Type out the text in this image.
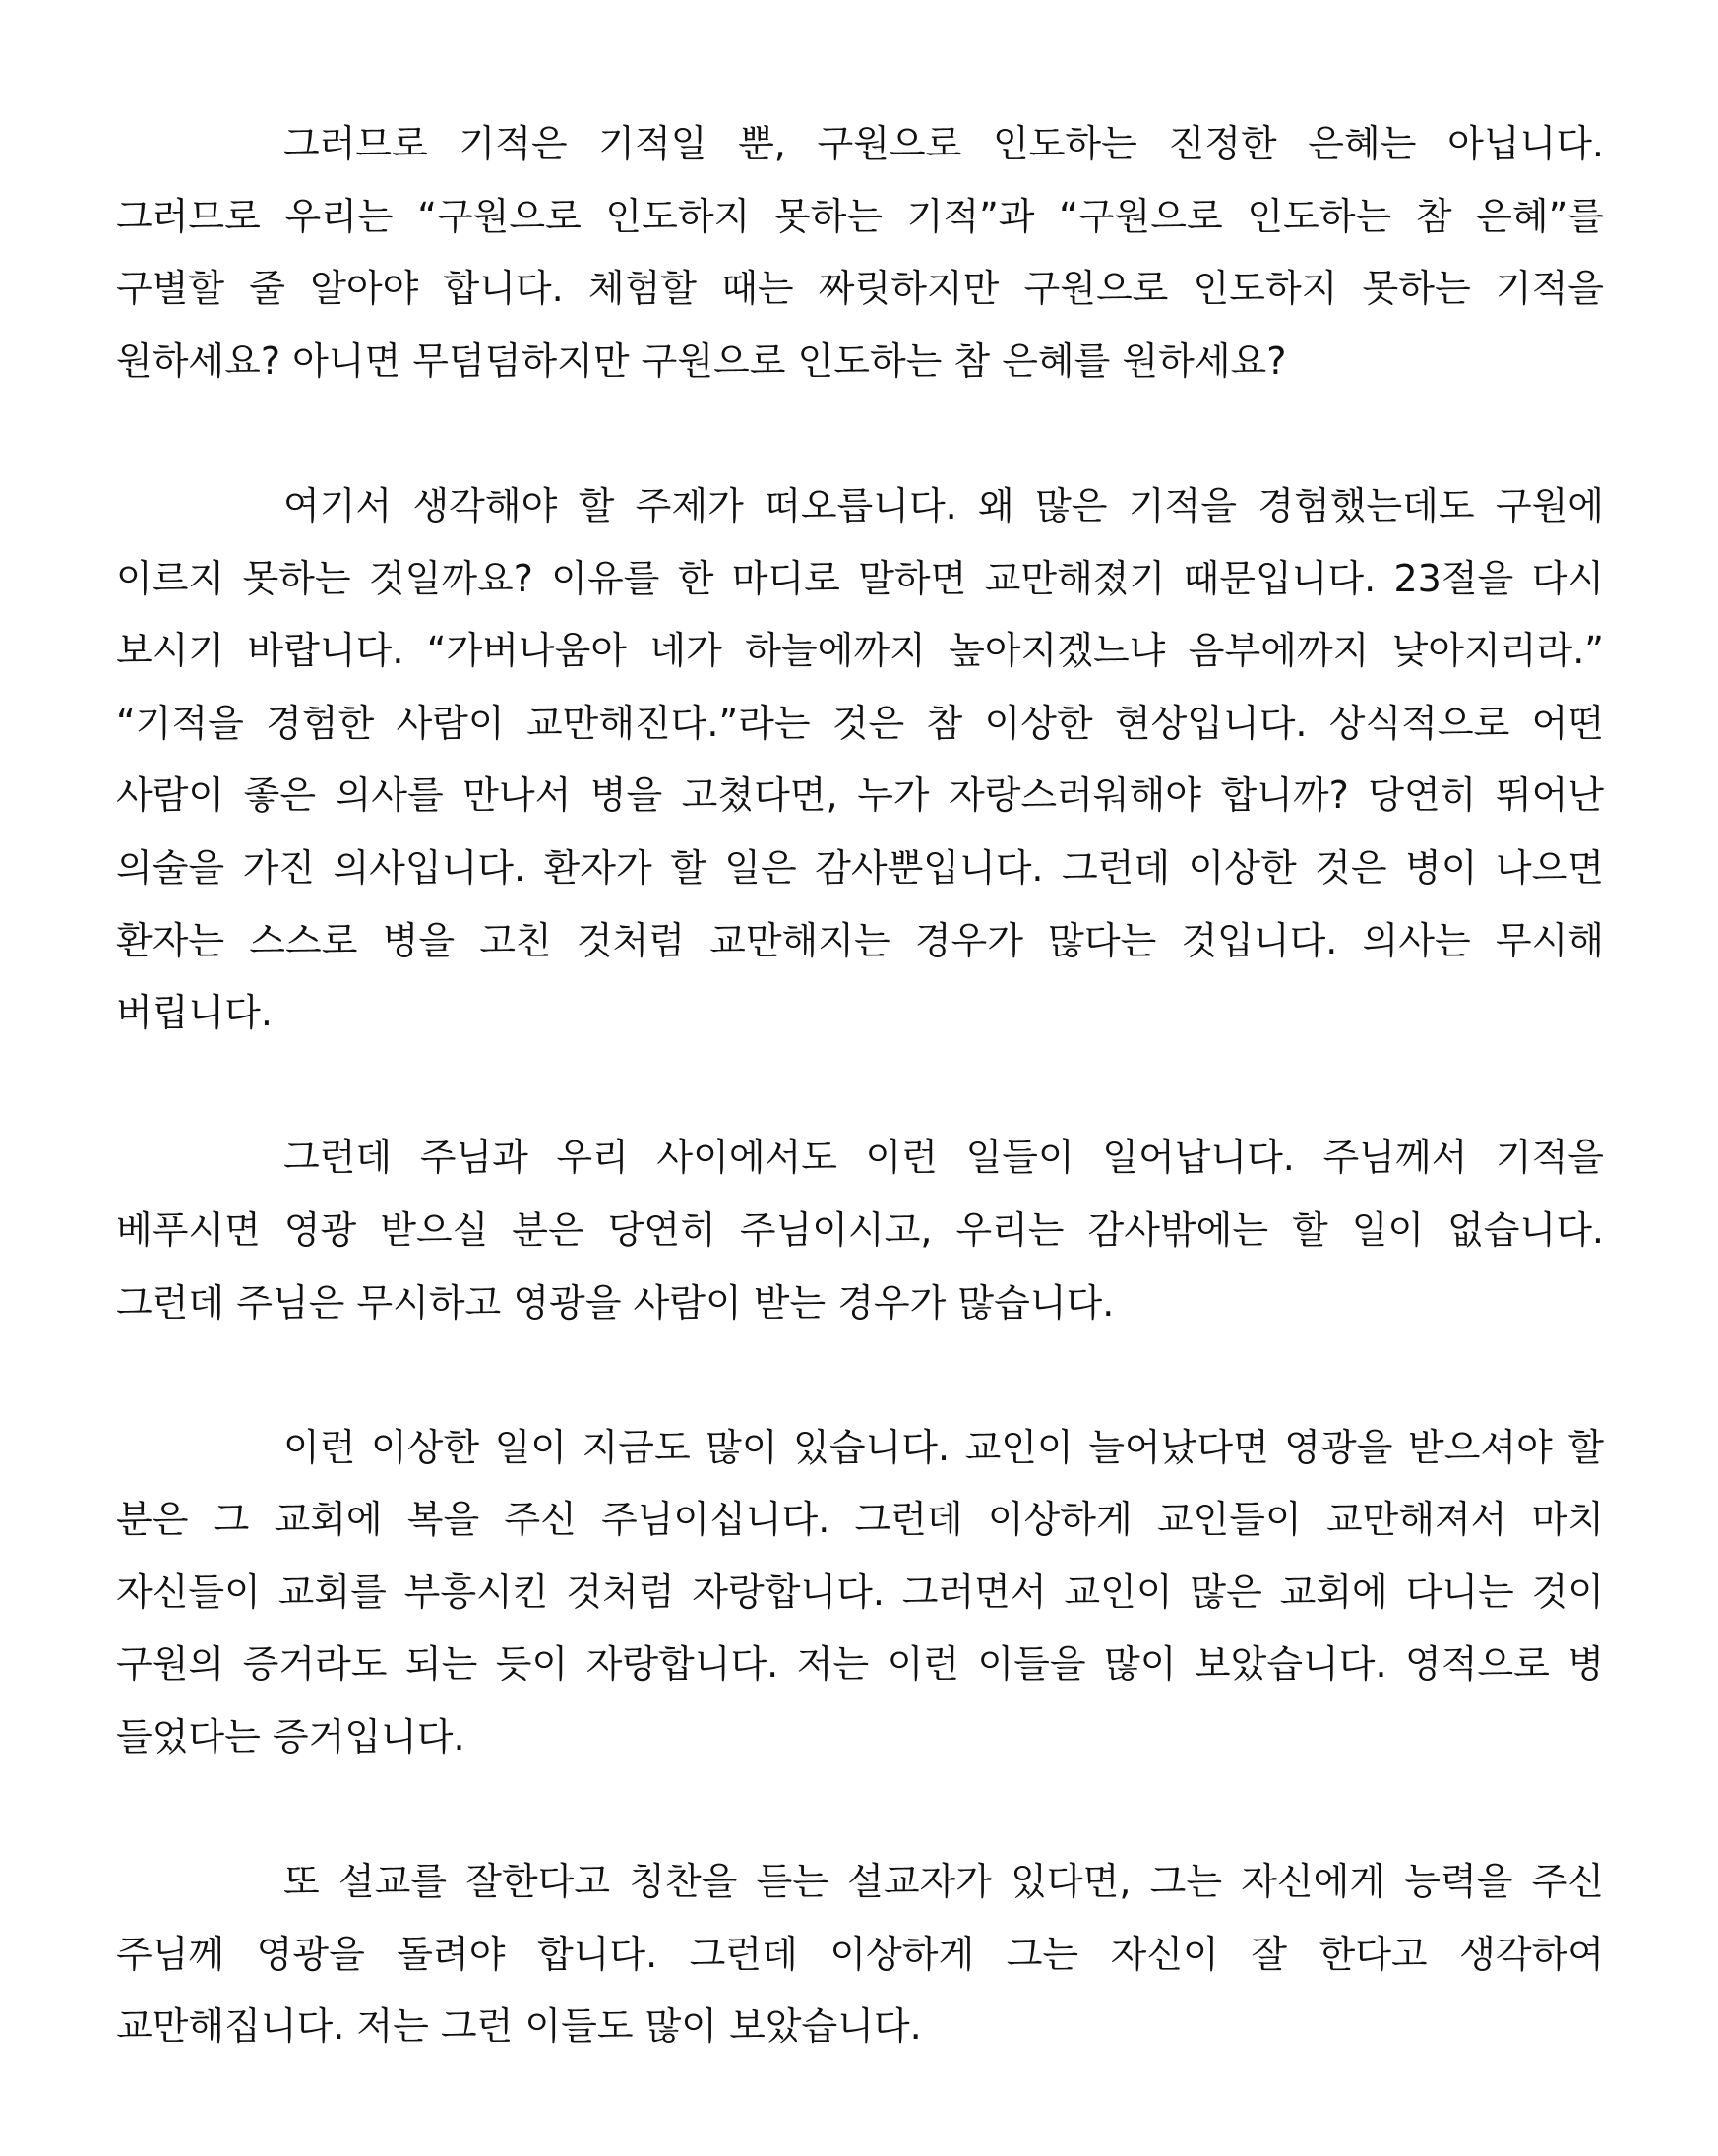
그러므로 기적은 기적일 뿐, 구원으로 인도하는 진정한 은혜는 아닙니다. 그러므로 우리는 “구원으로 인도하지 못하는 기적”과 “구원으로 인도하는 참 은혜”를 구별할 줄 알아야 합니다. 체험할 때는 짜릿하지만 구원으로 인도하지 못하는 기적을 원하세요? 아니면 무덤덤하지만 구원으로 인도하는 참 은혜를 원하세요?

여기서 생각해야 할 주제가 떠오릅니다. 왜 많은 기적을 경험했는데도 구원에 이르지 못하는 것일까요? 이유를 한 마디로 말하면 교만해졌기 때문입니다. 23절을 다시 보시기 바랍니다. “가버나움아 네가 하늘에까지 높아지겠느냐 음부에까지 낮아지리라.” “기적을 경험한 사람이 교만해진다.”라는 것은 참 이상한 현상입니다. 상식적으로 어떤 사람이 좋은 의사를 만나서 병을 고쳤다면, 누가 자랑스러워해야 합니까? 당연히 뛰어난 의술을 가진 의사입니다. 환자가 할 일은 감사뿐입니다. 그런데 이상한 것은 병이 나으면 환자는 스스로 병을 고친 것처럼 교만해지는 경우가 많다는 것입니다. 의사는 무시해 버립니다.

그런데 주님과 우리 사이에서도 이런 일들이 일어납니다. 주님께서 기적을 베푸시면 영광 받으실 분은 당연히 주님이시고, 우리는 감사밖에는 할 일이 없습니다. 그런데 주님은 무시하고 영광을 사람이 받는 경우가 많습니다.

이런 이상한 일이 지금도 많이 있습니다. 교인이 늘어났다면 영광을 받으셔야 할 분은 그 교회에 복을 주신 주님이십니다. 그런데 이상하게 교인들이 교만해져서 마치 자신들이 교회를 부흥시킨 것처럼 자랑합니다. 그러면서 교인이 많은 교회에 다니는 것이 구원의 증거라도 되는 듯이 자랑합니다. 저는 이런 이들을 많이 보았습니다. 영적으로 병 들었다는 증거입니다.

또 설교를 잘한다고 칭찬을 듣는 설교자가 있다면, 그는 자신에게 능력을 주신 주님께 영광을 돌려야 합니다. 그런데 이상하게 그는 자신이 잘 한다고 생각하여 교만해집니다. 저는 그런 이들도 많이 보았습니다.
